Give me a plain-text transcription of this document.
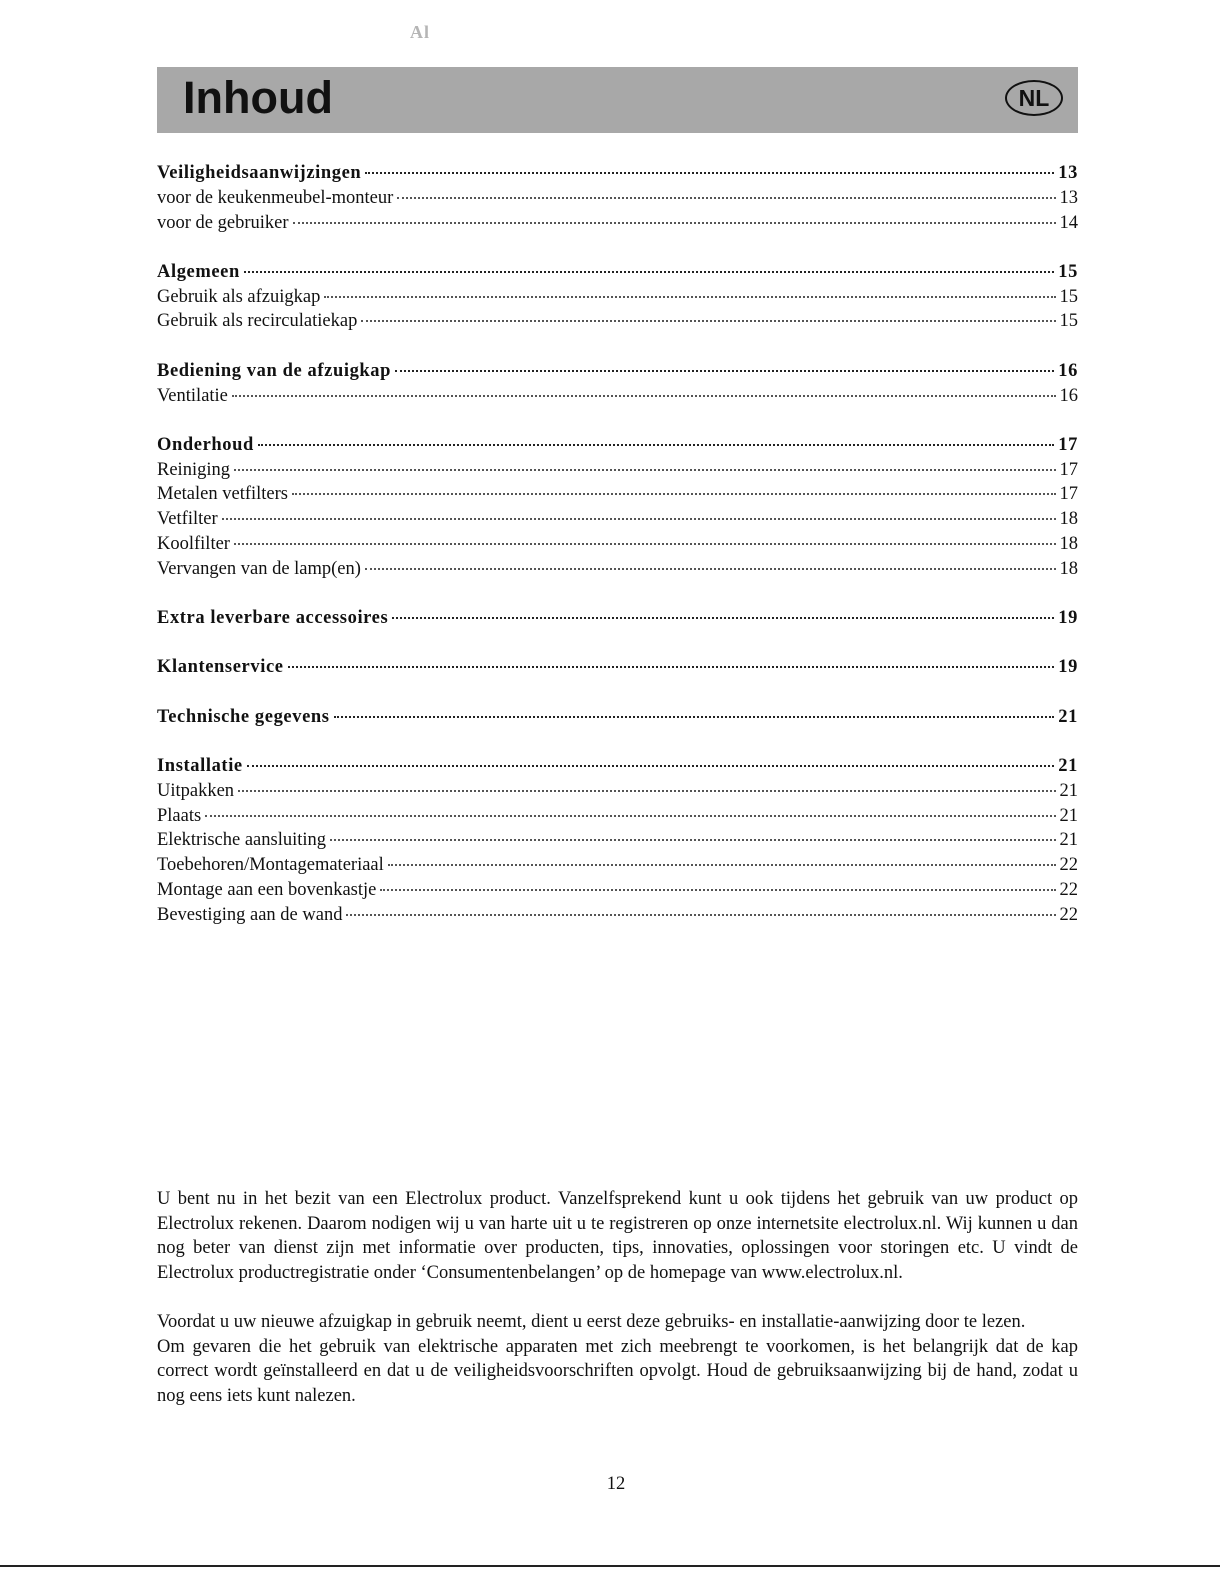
Al
Inhoud	NL
Veiligheidsaanwijzingen	13
voor de keukenmeubel-monteur	13
voor de gebruiker	14
Algemeen	15
Gebruik als afzuigkap	15
Gebruik als recirculatiekap	15
Bediening van de afzuigkap	16
Ventilatie	16
Onderhoud	17
Reiniging	17
Metalen vetfilters	17
Vetfilter	18
Koolfilter	18
Vervangen van de lamp(en)	18
Extra leverbare accessoires	19
Klantenservice	19
Technische gegevens	21
Installatie	21
Uitpakken	21
Plaats	21
Elektrische aansluiting	21
Toebehoren/Montagemateriaal	22
Montage aan een bovenkastje	22
Bevestiging aan de wand	22

U bent nu in het bezit van een Electrolux product. Vanzelfsprekend kunt u ook tijdens het gebruik van uw product op Electrolux rekenen. Daarom nodigen wij u van harte uit u te registreren op onze internetsite electrolux.nl. Wij kunnen u dan nog beter van dienst zijn met informatie over producten, tips, innovaties, oplossingen voor storingen etc. U vindt de Electrolux productregistratie onder ‘Consumentenbelangen’ op de homepage van www.electrolux.nl.

Voordat u uw nieuwe afzuigkap in gebruik neemt, dient u eerst deze gebruiks- en installatie-aanwijzing door te lezen.

Om gevaren die het gebruik van elektrische apparaten met zich meebrengt te voorkomen, is het belangrijk dat de kap correct wordt geïnstalleerd en dat u de veiligheidsvoorschriften opvolgt. Houd de gebruiksaanwijzing bij de hand, zodat u nog eens iets kunt nalezen.

12
